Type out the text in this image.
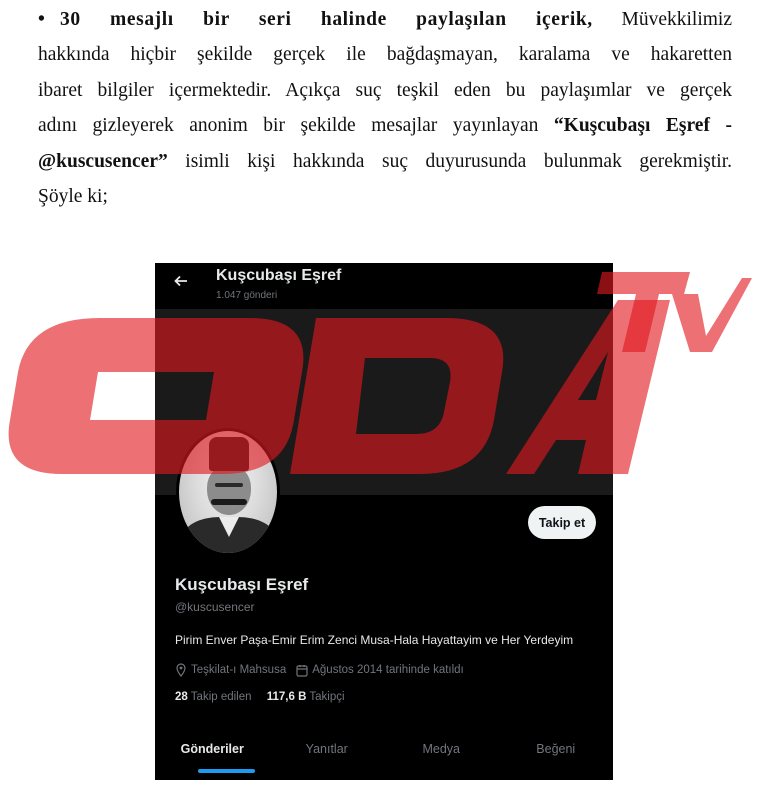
• 30 mesajlı bir seri halinde paylaşılan içerik, Müvekkilimiz
hakkında hiçbir şekilde gerçek ile bağdaşmayan, karalama ve hakaretten
ibaret bilgiler içermektedir. Açıkça suç teşkil eden bu paylaşımlar ve gerçek
adını gizleyerek anonim bir şekilde mesajlar yayınlayan “Kuşcubaşı Eşref -
@kuscusencer” isimli kişi hakkında suç duyurusunda bulunmak gerekmiştir.
Şöyle ki;
Kuşcubaşı Eşref
1.047 gönderi
Takip et
Kuşcubaşı Eşref
@kuscusencer
Pirim Enver Paşa-Emir Erim Zenci Musa-Hala Hayattayim ve Her Yerdeyim
Teşkilat-ı Mahsusa Ağustos 2014 tarihinde katıldı
28 Takip edilen 117,6 B Takipçi
Gönderiler	Yanıtlar	Medya	Beğeni
